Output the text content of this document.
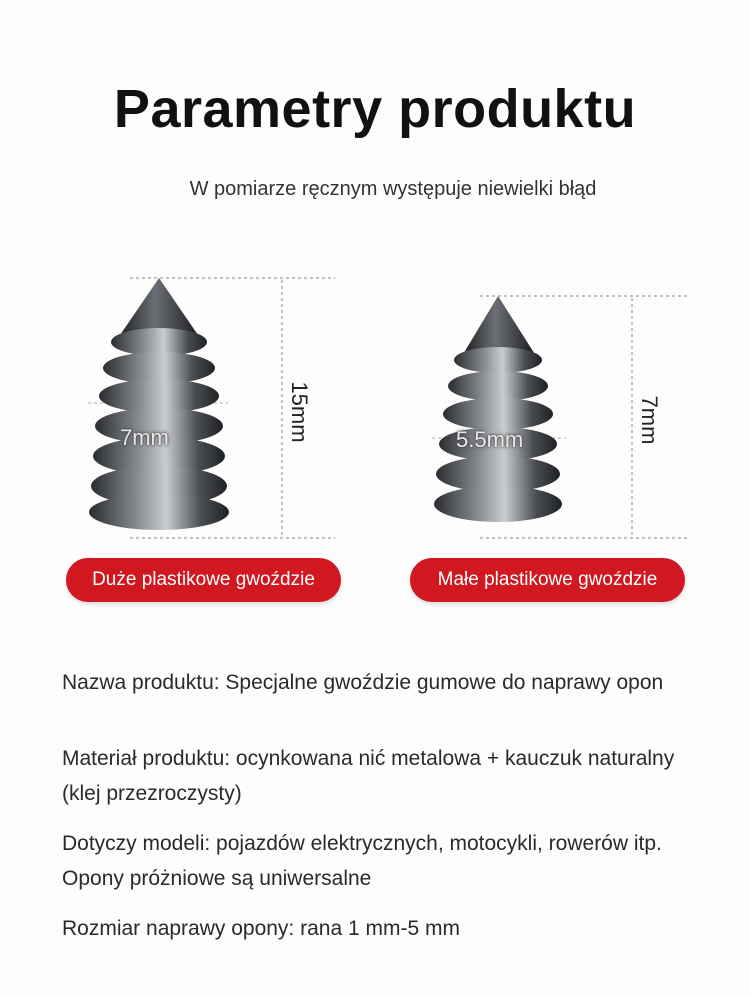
Parametry produktu
W pomiarze ręcznym występuje niewielki błąd
15mm	7mm
7mm	5.5mm
Duże plastikowe gwoździe	Małe plastikowe gwoździe

Nazwa produktu: Specjalne gwoździe gumowe do naprawy opon

Materiał produktu: ocynkowana nić metalowa + kauczuk naturalny (klej przezroczysty)

Dotyczy modeli: pojazdów elektrycznych, motocykli, rowerów itp. Opony próżniowe są uniwersalne

Rozmiar naprawy opony: rana 1 mm-5 mm
